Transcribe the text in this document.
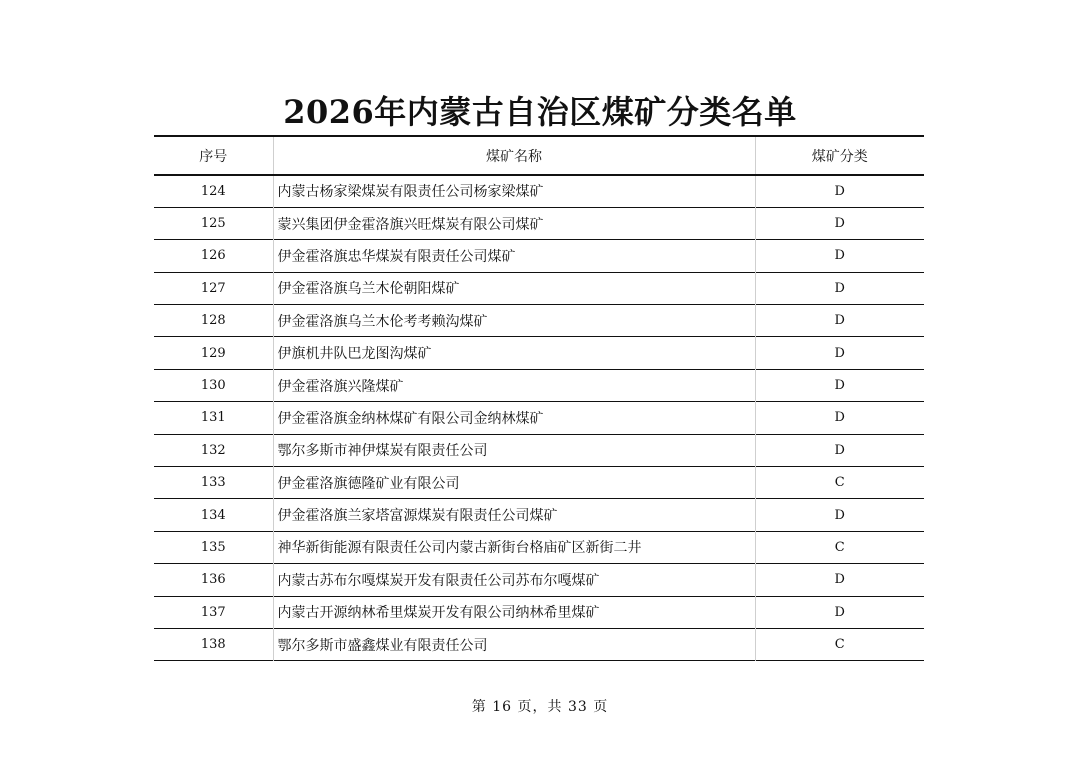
2026年内蒙古自治区煤矿分类名单
序号	煤矿名称	煤矿分类
124	内蒙古杨家梁煤炭有限责任公司杨家梁煤矿	D
125	蒙兴集团伊金霍洛旗兴旺煤炭有限公司煤矿	D
126	伊金霍洛旗忠华煤炭有限责任公司煤矿	D
127	伊金霍洛旗乌兰木伦朝阳煤矿	D
128	伊金霍洛旗乌兰木伦考考赖沟煤矿	D
129	伊旗机井队巴龙图沟煤矿	D
130	伊金霍洛旗兴隆煤矿	D
131	伊金霍洛旗金纳林煤矿有限公司金纳林煤矿	D
132	鄂尔多斯市神伊煤炭有限责任公司	D
133	伊金霍洛旗德隆矿业有限公司	C
134	伊金霍洛旗兰家塔富源煤炭有限责任公司煤矿	D
135	神华新街能源有限责任公司内蒙古新街台格庙矿区新街二井	C
136	内蒙古苏布尔嘎煤炭开发有限责任公司苏布尔嘎煤矿	D
137	内蒙古开源纳林希里煤炭开发有限公司纳林希里煤矿	D
138	鄂尔多斯市盛鑫煤业有限责任公司	C
第 16 页，共 33 页
